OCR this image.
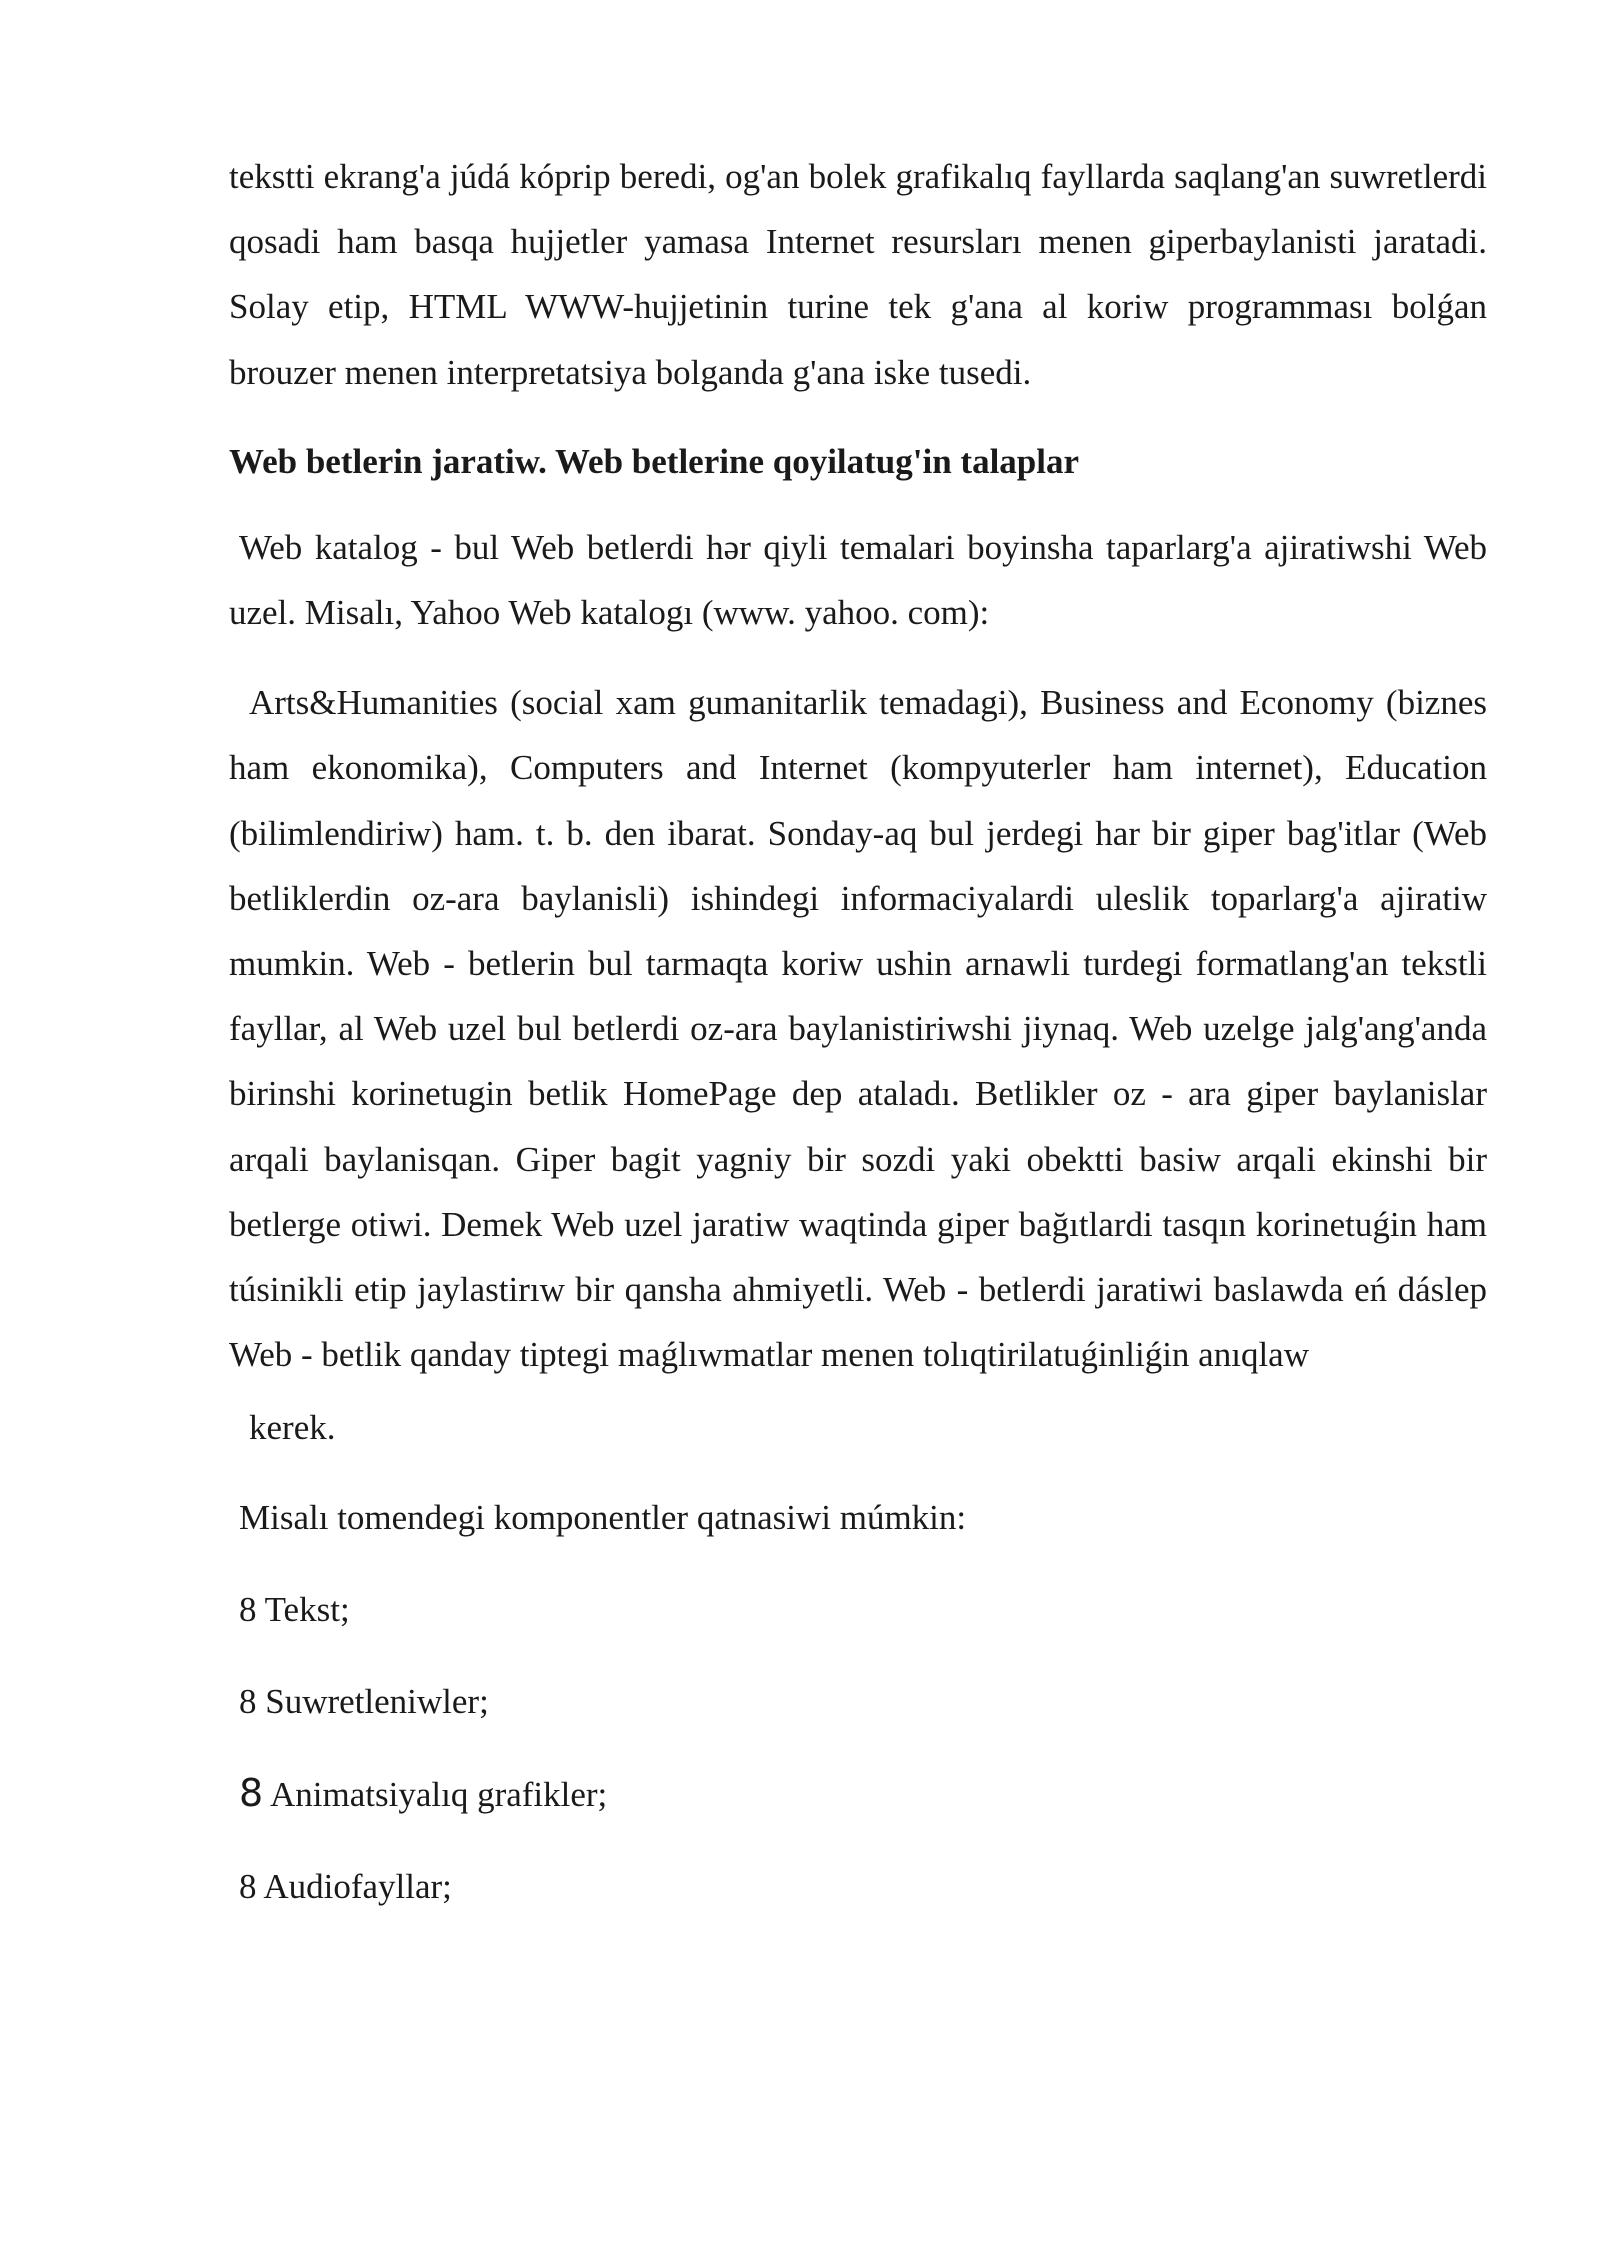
tekstti ekrang'a júdá kóprip beredi, og'an bolek grafikalıq fayllarda saqlang'an suwretlerdi qosadi ham basqa hujjetler yamasa Internet resursları menen giperbaylanisti jaratadi. Solay etip, HTML WWW-hujjetinin turine tek g'ana al koriw programması bolǵan brouzer menen interpretatsiya bolganda g'ana iske tusedi.

Web betlerin jaratiw. Web betlerine qoyilatug'in talaplar

Web katalog - bul Web betlerdi hər qiyli temalari boyinsha taparlarg'a ajiratiwshi Web uzel. Misalı, Yahoo Web katalogı (www. yahoo. com):

Arts&Humanities (social xam gumanitarlik temadagi), Business and Economy (biznes ham ekonomika), Computers and Internet (kompyuterler ham internet), Education (bilimlendiriw) ham. t. b. den ibarat. Sonday-aq bul jerdegi har bir giper bag'itlar (Web betliklerdin oz-ara baylanisli) ishindegi informaciyalardi uleslik toparlarg'a ajiratiw mumkin. Web - betlerin bul tarmaqta koriw ushin arnawli turdegi formatlang'an tekstli fayllar, al Web uzel bul betlerdi oz-ara baylanistiriwshi jiynaq. Web uzelge jalg'ang'anda birinshi korinetugin betlik HomePage dep ataladı. Betlikler oz - ara giper baylanislar arqali baylanisqan. Giper bagit yagniy bir sozdi yaki obektti basiw arqali ekinshi bir betlerge otiwi. Demek Web uzel jaratiw waqtinda giper bağıtlardi tasqın korinetuǵin ham túsinikli etip jaylastirıw bir qansha ahmiyetli. Web - betlerdi jaratiwi baslawda eń dáslep Web - betlik qanday tiptegi maǵlıwmatlar menen tolıqtirilatuǵinliǵin anıqlaw
kerek.

Misalı tomendegi komponentler qatnasiwi múmkin:

8 Tekst;

8 Suwretleniwler;

8 Animatsiyalıq grafikler;

8 Audiofayllar;
